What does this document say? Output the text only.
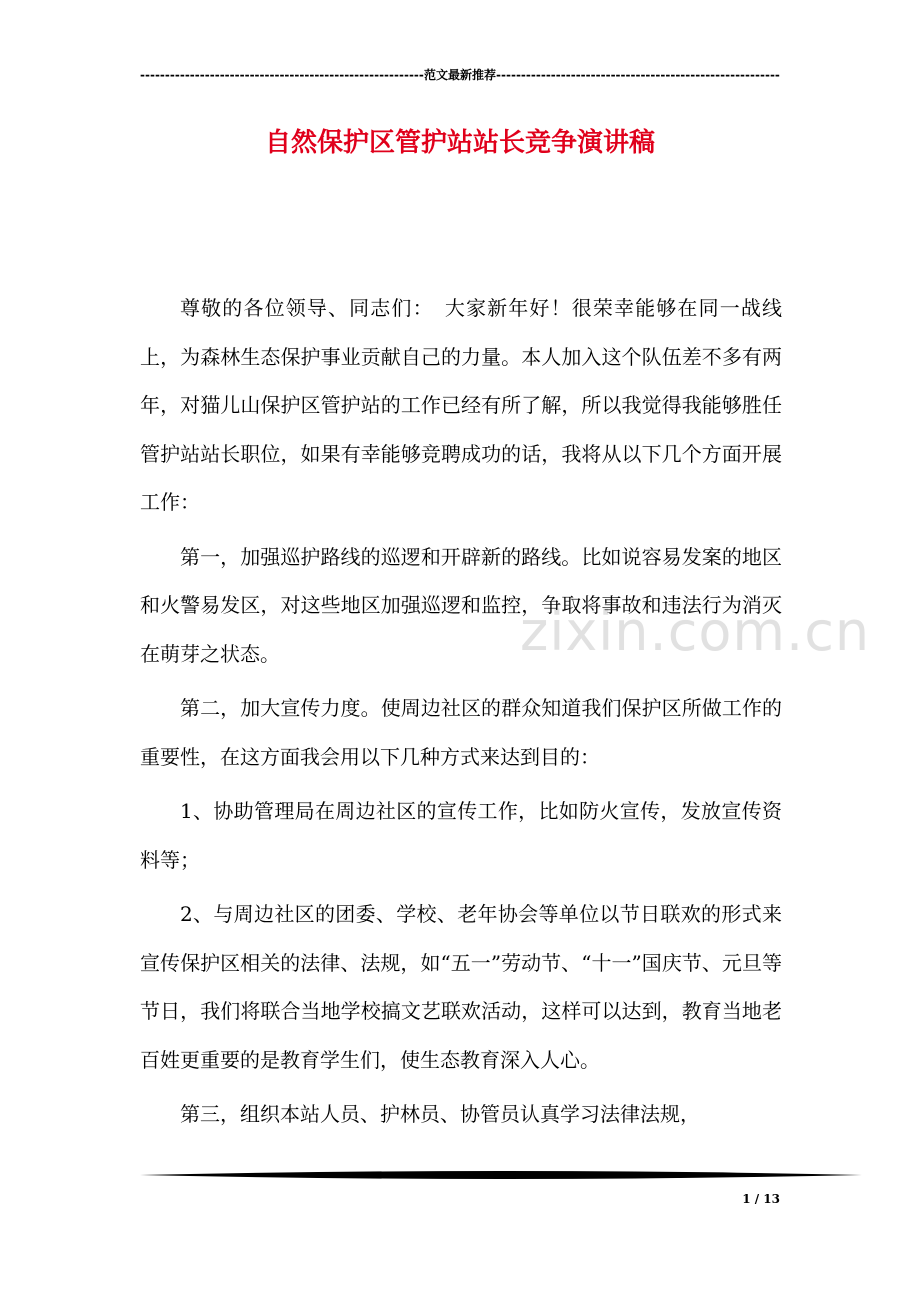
-----
范文最新推荐
-----
自然保护区管护站站长竞争演讲稿
zixin.com.cn

尊敬的各位领导、同志们：　大家新年好！很荣幸能够在同一战线上，为森林生态保护事业贡献自己的力量。本人加入这个队伍差不多有两年，对猫儿山保护区管护站的工作已经有所了解，所以我觉得我能够胜任管护站站长职位，如果有幸能够竞聘成功的话，我将从以下几个方面开展工作：

第一，加强巡护路线的巡逻和开辟新的路线。比如说容易发案的地区和火警易发区，对这些地区加强巡逻和监控，争取将事故和违法行为消灭在萌芽之状态。

第二，加大宣传力度。使周边社区的群众知道我们保护区所做工作的重要性，在这方面我会用以下几种方式来达到目的：

1、协助管理局在周边社区的宣传工作，比如防火宣传，发放宣传资料等；

2、与周边社区的团委、学校、老年协会等单位以节日联欢的形式来宣传保护区相关的法律、法规，如“五一”劳动节、“十一”国庆节、元旦等节日，我们将联合当地学校搞文艺联欢活动，这样可以达到，教育当地老百姓更重要的是教育学生们，使生态教育深入人心。

第三，组织本站人员、护林员、协管员认真学习法律法规，

1 / 13
